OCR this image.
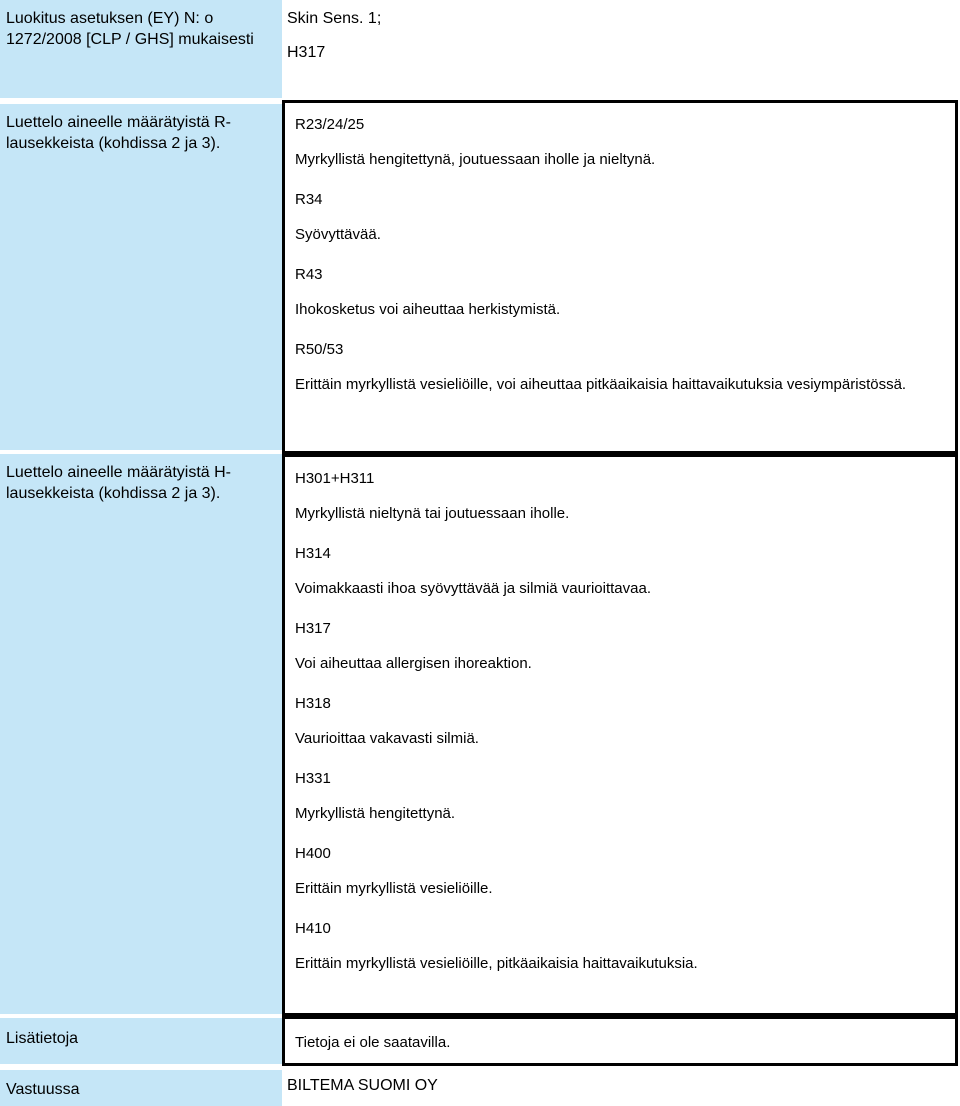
Luokitus asetuksen (EY) N: o 1272/2008 [CLP / GHS] mukaisesti
Skin Sens. 1;
H317
Luettelo aineelle määrätyistä R-lausekkeista (kohdissa 2 ja 3).
R23/24/25
Myrkyllistä hengitettynä, joutuessaan iholle ja nieltynä.
R34
Syövyttävää.
R43
Ihokosketus voi aiheuttaa herkistymistä.
R50/53
Erittäin myrkyllistä vesieliöille, voi aiheuttaa pitkäaikaisia haittavaikutuksia vesiympäristössä.
Luettelo aineelle määrätyistä H-lausekkeista (kohdissa 2 ja 3).
H301+H311
Myrkyllistä nieltynä tai joutuessaan iholle.
H314
Voimakkaasti ihoa syövyttävää ja silmiä vaurioittavaa.
H317
Voi aiheuttaa allergisen ihoreaktion.
H318
Vaurioittaa vakavasti silmiä.
H331
Myrkyllistä hengitettynä.
H400
Erittäin myrkyllistä vesieliöille.
H410
Erittäin myrkyllistä vesieliöille, pitkäaikaisia haittavaikutuksia.
Lisätietoja	Tietoja ei ole saatavilla.
Vastuussa	BILTEMA SUOMI OY
